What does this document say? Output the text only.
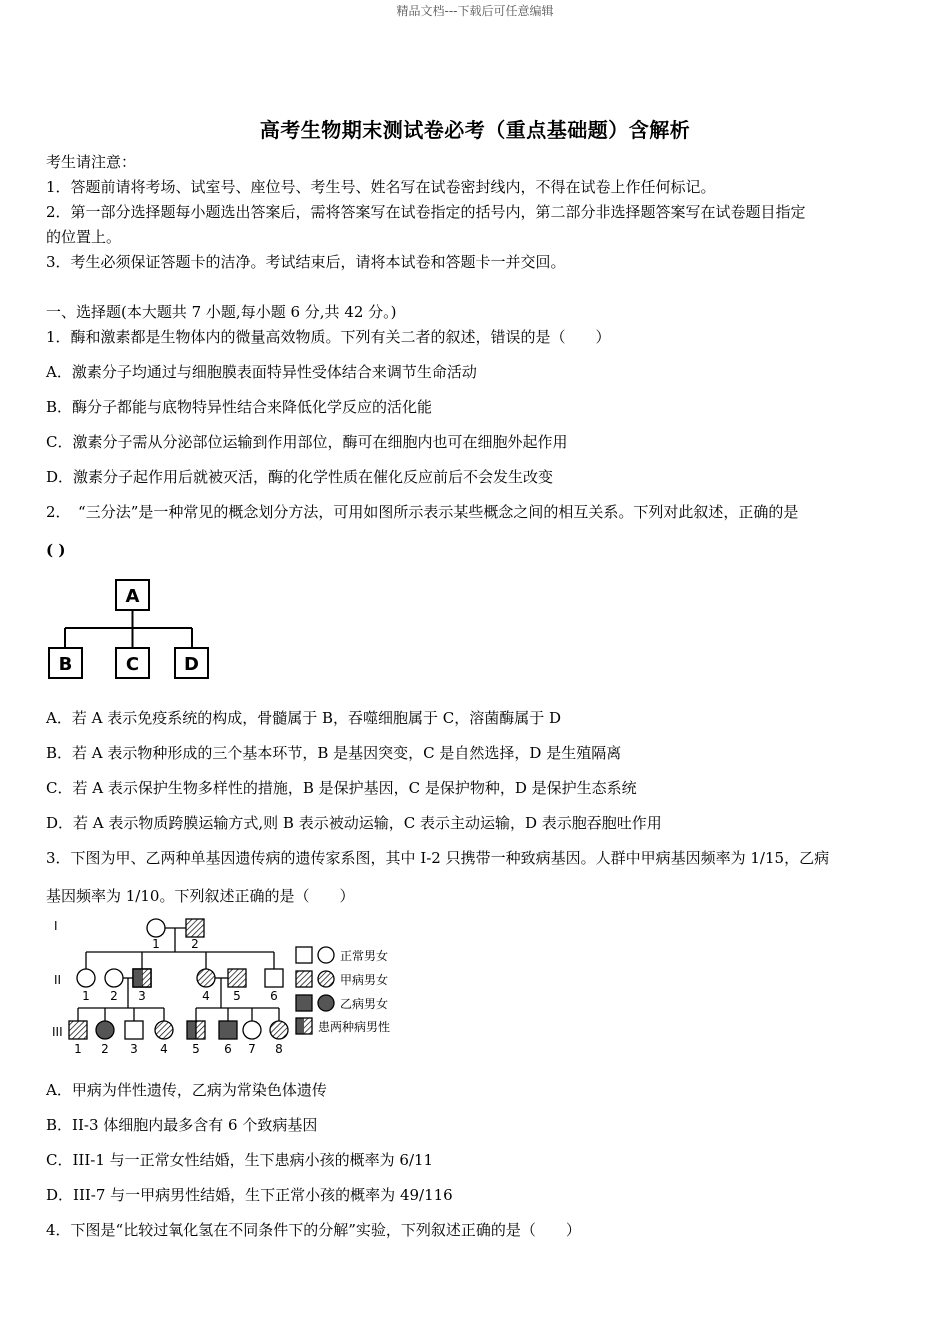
精品文档---下载后可任意编辑
高考生物期末测试卷必考（重点基础题）含解析
考生请注意：
1．答题前请将考场、试室号、座位号、考生号、姓名写在试卷密封线内，不得在试卷上作任何标记。
2．第一部分选择题每小题选出答案后，需将答案写在试卷指定的括号内，第二部分非选择题答案写在试卷题目指定
的位置上。
3．考生必须保证答题卡的洁净。考试结束后，请将本试卷和答题卡一并交回。
一、选择题(本大题共 7 小题,每小题 6 分,共 42 分。)
1．酶和激素都是生物体内的微量高效物质。下列有关二者的叙述，错误的是（　　）
A．激素分子均通过与细胞膜表面特异性受体结合来调节生命活动
B．酶分子都能与底物特异性结合来降低化学反应的活化能
C．激素分子需从分泌部位运输到作用部位，酶可在细胞内也可在细胞外起作用
D．激素分子起作用后就被灭活，酶的化学性质在催化反应前后不会发生改变
2．　“三分法”是一种常见的概念划分方法，可用如图所示表示某些概念之间的相互关系。下列对此叙述，正确的是
( )
A
B	C D
A．若 A 表示免疫系统的构成，骨髓属于 B，吞噬细胞属于 C，溶菌酶属于 D
B．若 A 表示物种形成的三个基本环节，B 是基因突变，C 是自然选择，D 是生殖隔离
C．若 A 表示保护生物多样性的措施，B 是保护基因，C 是保护物种，D 是保护生态系统
D．若 A 表示物质跨膜运输方式,则 B 表示被动运输，C 表示主动运输，D 表示胞吞胞吐作用
3．下图为甲、乙两种单基因遗传病的遗传家系图，其中 I-2 只携带一种致病基因。人群中甲病基因频率为 1/15，乙病
基因频率为 1/10。下列叙述正确的是（　　）
I
II
III
1	2
1 2 3	4 5 6
1 2 3 4 5 6 7 8
正常男女
甲病男女
乙病男女
患两种病男性
A．甲病为伴性遗传，乙病为常染色体遗传
B．II-3 体细胞内最多含有 6 个致病基因
C．III-1 与一正常女性结婚，生下患病小孩的概率为 6/11
D．III-7 与一甲病男性结婚，生下正常小孩的概率为 49/116
4．下图是“比较过氧化氢在不同条件下的分解”实验，下列叙述正确的是（　　）
